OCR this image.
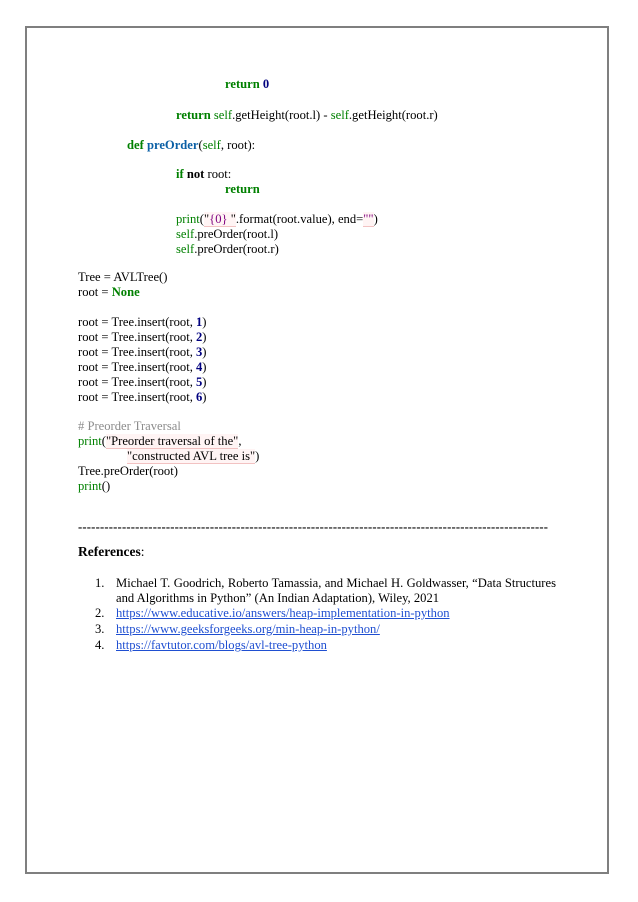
return 0
return self.getHeight(root.l) - self.getHeight(root.r)
def preOrder(self, root):
if not root:
return
print("{0} ".format(root.value), end="")
self.preOrder(root.l)
self.preOrder(root.r)
Tree = AVLTree()
root = None
root = Tree.insert(root, 1)
root = Tree.insert(root, 2)
root = Tree.insert(root, 3)
root = Tree.insert(root, 4)
root = Tree.insert(root, 5)
root = Tree.insert(root, 6)
# Preorder Traversal
print("Preorder traversal of the",
"constructed AVL tree is")
Tree.preOrder(root)
print()
-----------------------------------------------------------------------------------------------------------
References:
1. Michael T. Goodrich, Roberto Tamassia, and Michael H. Goldwasser, “Data Structures and Algorithms in Python” (An Indian Adaptation), Wiley, 2021
2. https://www.educative.io/answers/heap-implementation-in-python
3. https://www.geeksforgeeks.org/min-heap-in-python/
4. https://favtutor.com/blogs/avl-tree-python
